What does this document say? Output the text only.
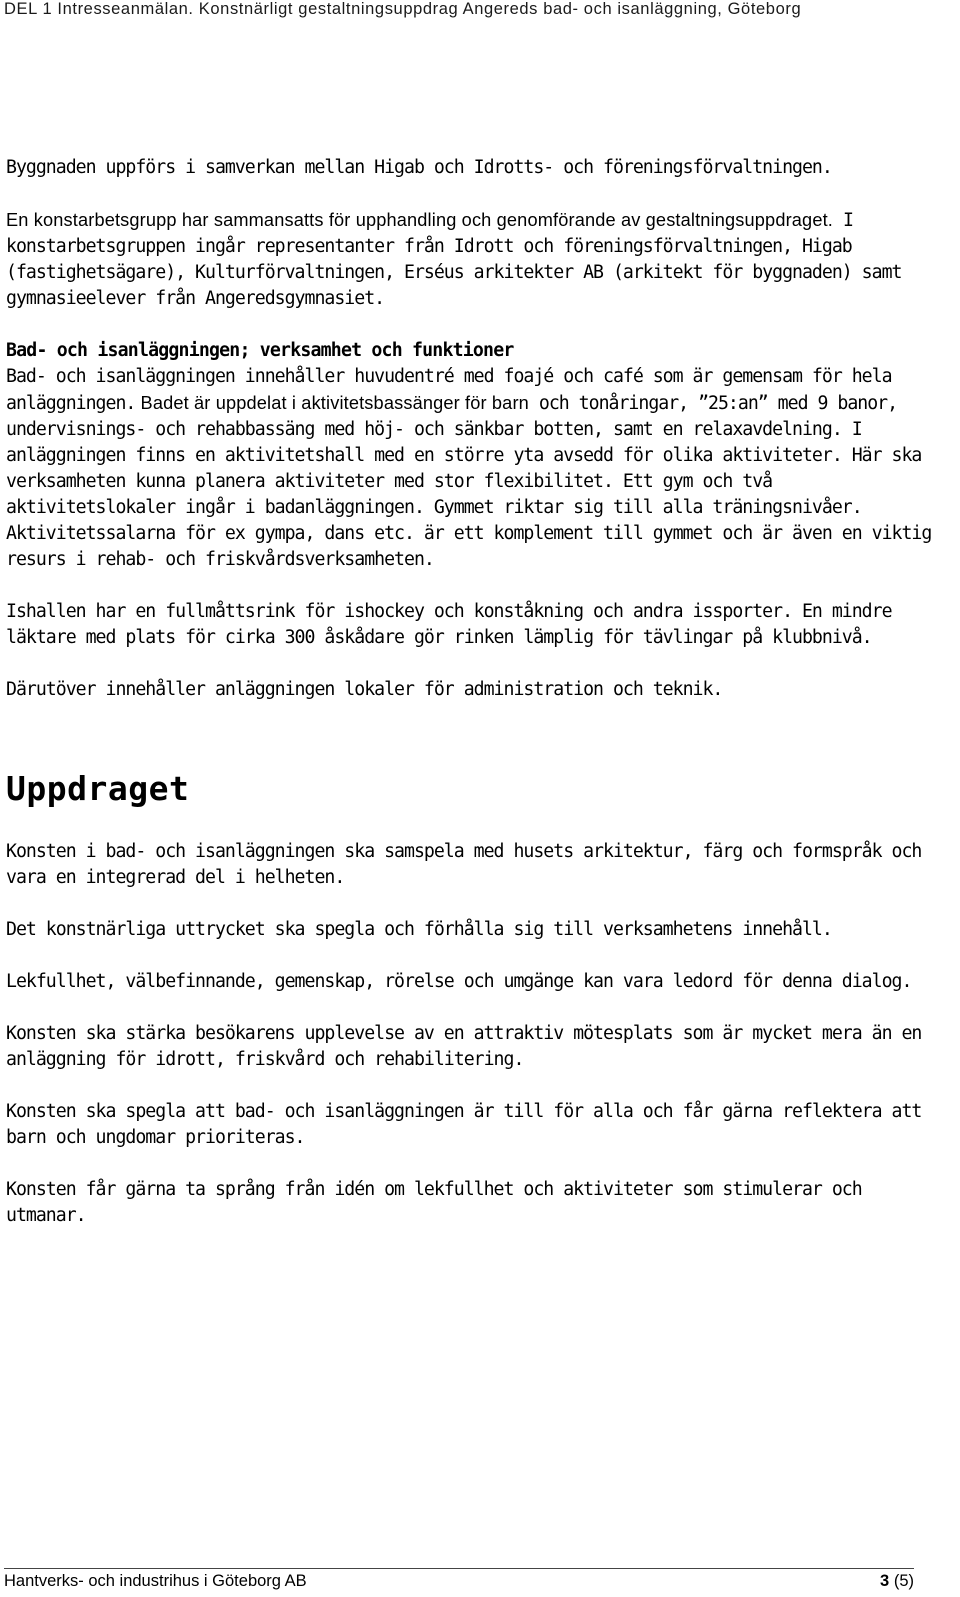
DEL 1 Intresseanmälan. Konstnärligt gestaltningsuppdrag Angereds bad- och isanläggning, Göteborg

Byggnaden uppförs i samverkan mellan Higab och Idrotts- och föreningsförvaltningen.

En konstarbetsgrupp har sammansatts för upphandling och genomförande av gestaltningsuppdraget. I konstarbetsgruppen ingår representanter från Idrott och föreningsförvaltningen, Higab (fastighetsägare), Kulturförvaltningen, Erséus arkitekter AB (arkitekt för byggnaden) samt gymnasieelever från Angeredsgymnasiet.

Bad- och isanläggningen; verksamhet och funktioner

Bad- och isanläggningen innehåller huvudentré med foajé och café som är gemensam för hela anläggningen. Badet är uppdelat i aktivitetsbassänger för barn och tonåringar, ”25:an” med 9 banor, undervisnings- och rehabbassäng med höj- och sänkbar botten, samt en relaxavdelning. I anläggningen finns en aktivitetshall med en större yta avsedd för olika aktiviteter. Här ska verksamheten kunna planera aktiviteter med stor flexibilitet. Ett gym och två aktivitetslokaler ingår i badanläggningen. Gymmet riktar sig till alla träningsnivåer. Aktivitetssalarna för ex gympa, dans etc. är ett komplement till gymmet och är även en viktig resurs i rehab- och friskvårdsverksamheten.

Ishallen har en fullmåttsrink för ishockey och konståkning och andra issporter. En mindre läktare med plats för cirka 300 åskådare gör rinken lämplig för tävlingar på klubbnivå.

Därutöver innehåller anläggningen lokaler för administration och teknik.

Uppdraget

Konsten i bad- och isanläggningen ska samspela med husets arkitektur, färg och formspråk och vara en integrerad del i helheten.

Det konstnärliga uttrycket ska spegla och förhålla sig till verksamhetens innehåll.

Lekfullhet, välbefinnande, gemenskap, rörelse och umgänge kan vara ledord för denna dialog.

Konsten ska stärka besökarens upplevelse av en attraktiv mötesplats som är mycket mera än en anläggning för idrott, friskvård och rehabilitering.

Konsten ska spegla att bad- och isanläggningen är till för alla och får gärna reflektera att barn och ungdomar prioriteras.

Konsten får gärna ta språng från idén om lekfullhet och aktiviteter som stimulerar och utmanar.

Hantverks- och industrihus i Göteborg AB	3 (5)
